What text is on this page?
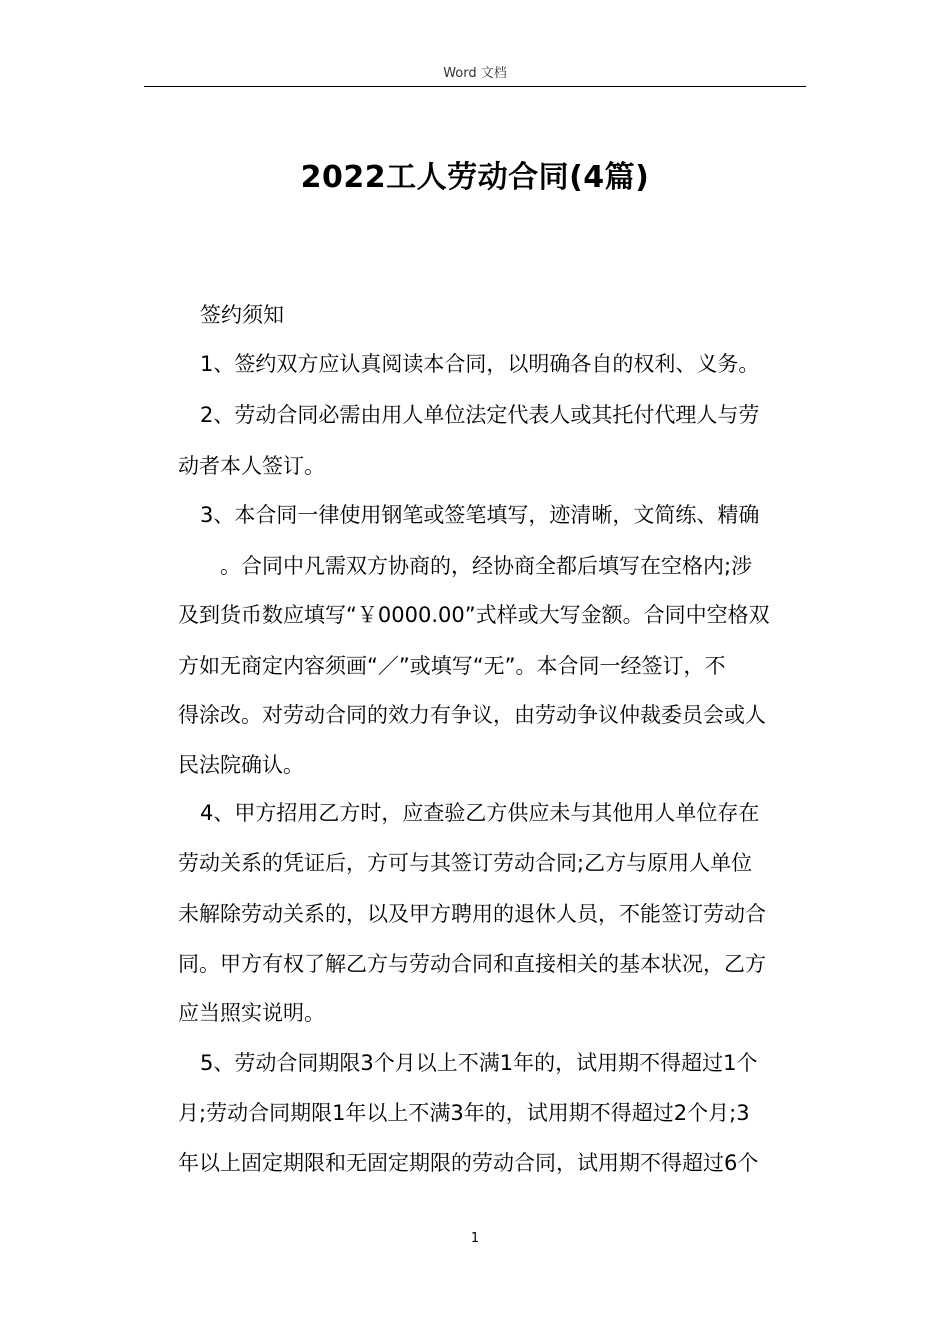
Word 文档
2022工人劳动合同(4篇)
签约须知
1、签约双方应认真阅读本合同，以明确各自的权利、义务。
2、劳动合同必需由用人单位法定代表人或其托付代理人与劳
动者本人签订。
3、本合同一律使用钢笔或签笔填写，迹清晰，文简练、精确
。合同中凡需双方协商的，经协商全都后填写在空格内;涉
及到货币数应填写“￥0000.00”式样或大写金额。合同中空格双
方如无商定内容须画“／”或填写“无”。本合同一经签订，不
得涂改。对劳动合同的效力有争议，由劳动争议仲裁委员会或人
民法院确认。
4、甲方招用乙方时，应查验乙方供应未与其他用人单位存在
劳动关系的凭证后，方可与其签订劳动合同;乙方与原用人单位
未解除劳动关系的，以及甲方聘用的退休人员，不能签订劳动合
同。甲方有权了解乙方与劳动合同和直接相关的基本状况，乙方
应当照实说明。
5、劳动合同期限3个月以上不满1年的，试用期不得超过1个
月;劳动合同期限1年以上不满3年的，试用期不得超过2个月;3
年以上固定期限和无固定期限的劳动合同，试用期不得超过6个
1
